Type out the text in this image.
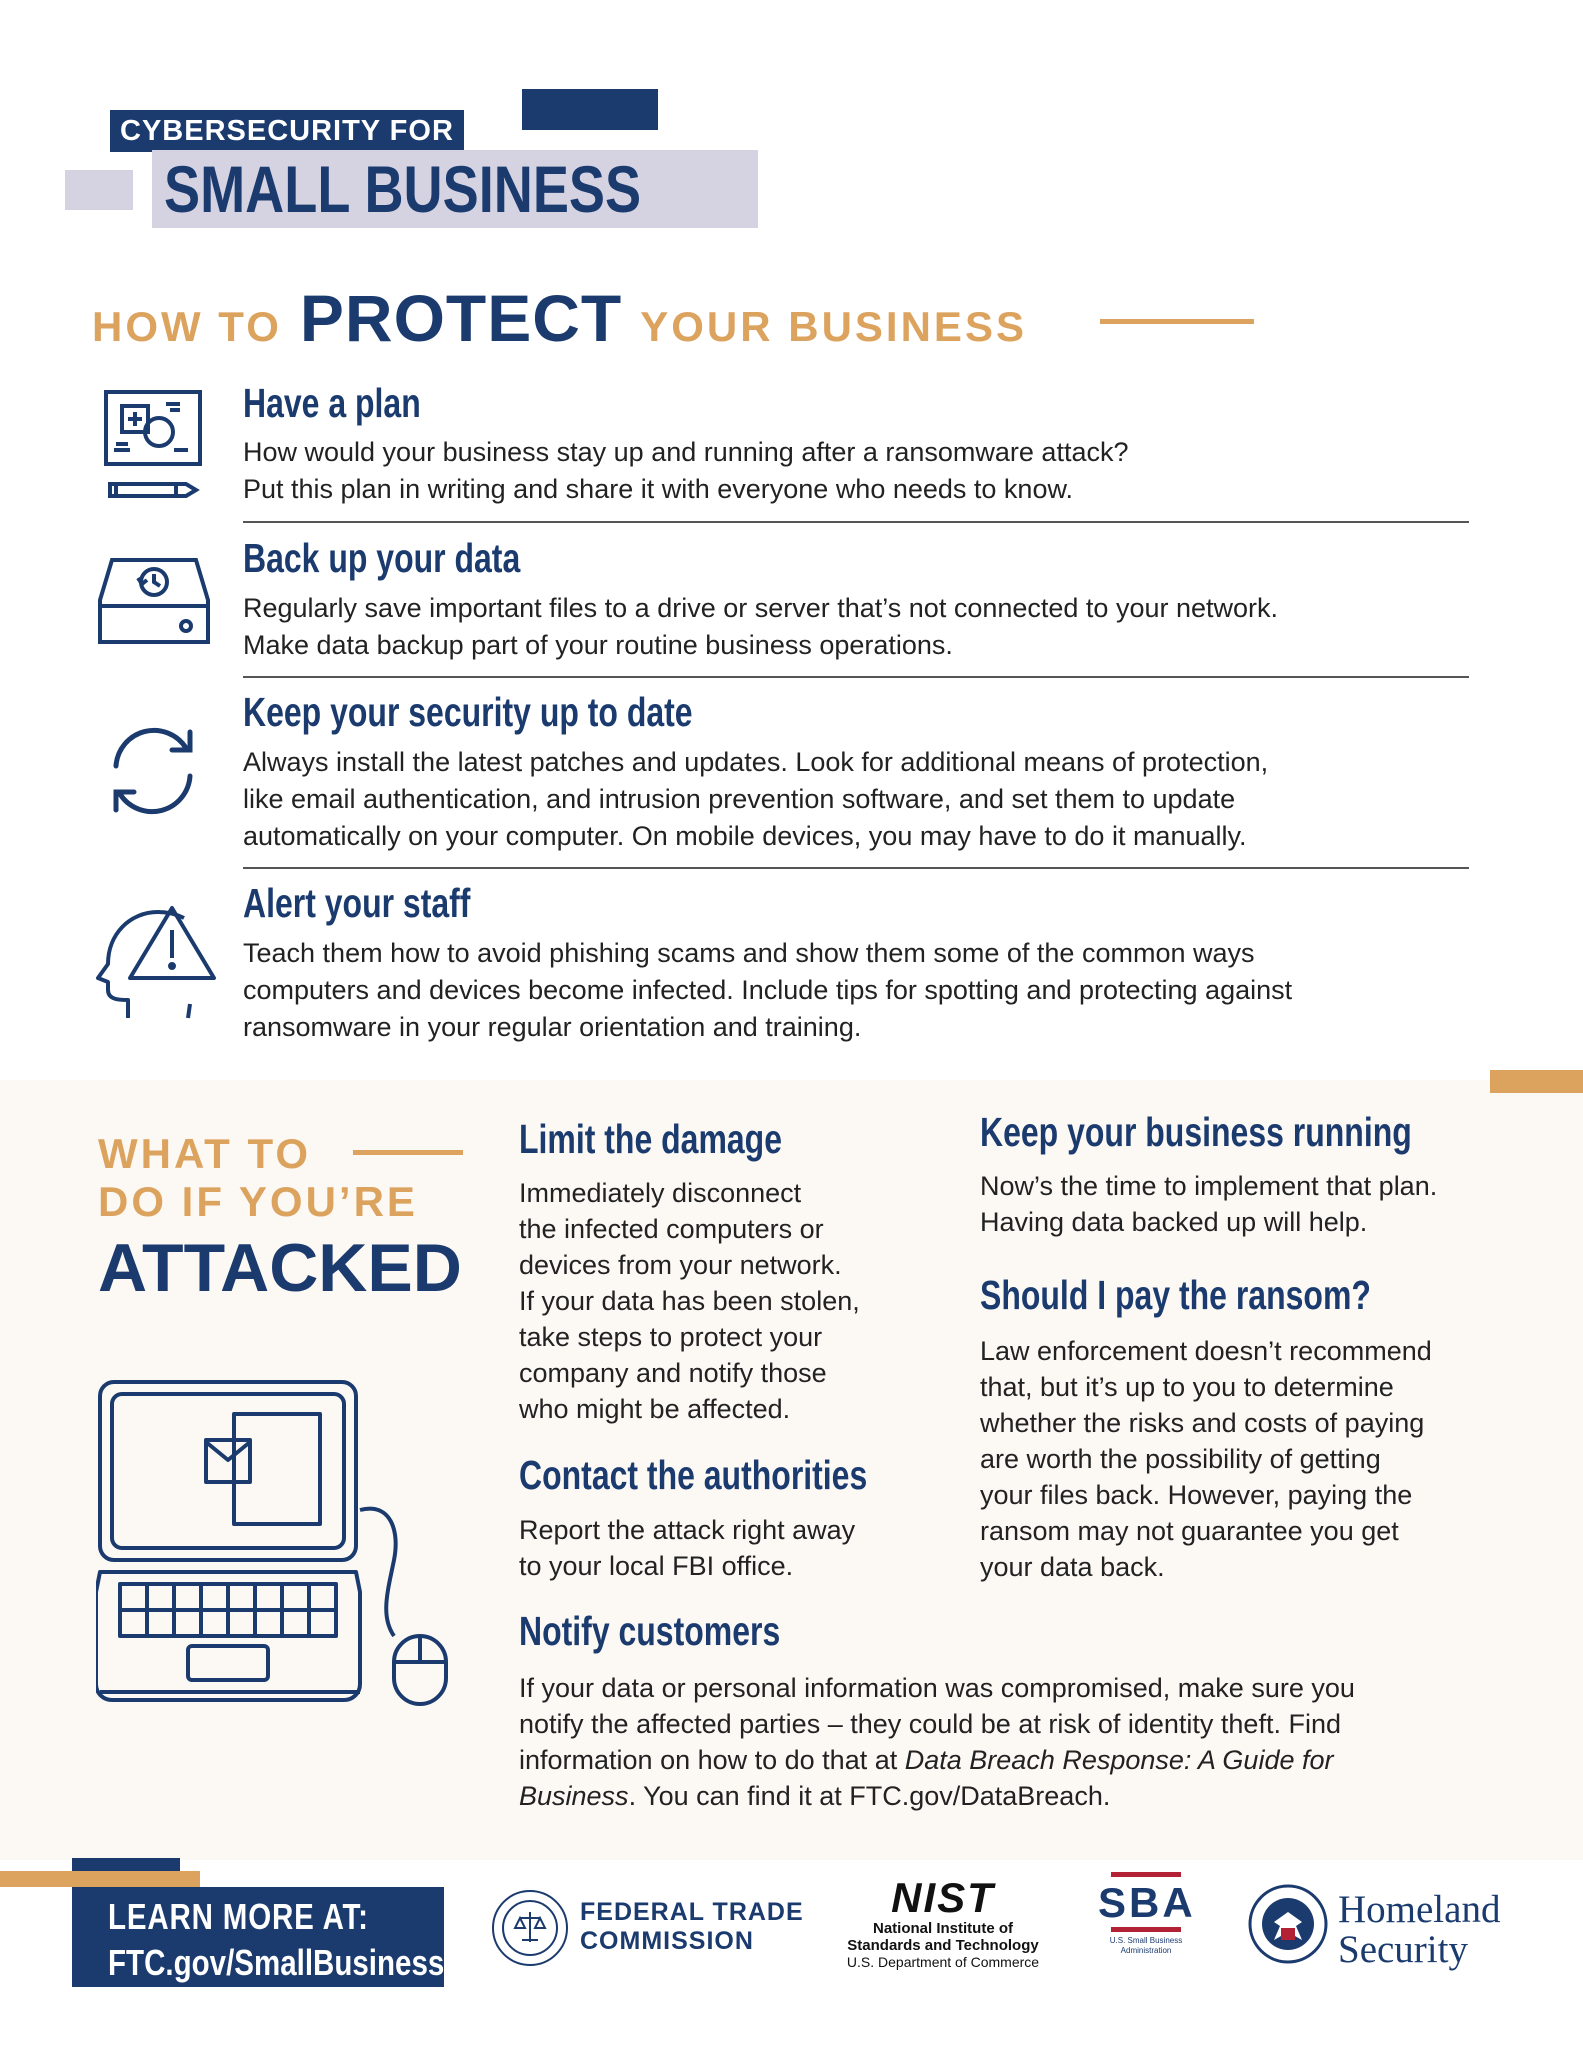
CYBERSECURITY FOR
SMALL BUSINESS
HOW TO PROTECT YOUR BUSINESS
Have a plan
How would your business stay up and running after a ransomware attack?
Put this plan in writing and share it with everyone who needs to know.
Back up your data
Regularly save important files to a drive or server that’s not connected to your network.
Make data backup part of your routine business operations.
Keep your security up to date
Always install the latest patches and updates. Look for additional means of protection,
like email authentication, and intrusion prevention software, and set them to update
automatically on your computer. On mobile devices, you may have to do it manually.
Alert your staff
Teach them how to avoid phishing scams and show them some of the common ways
computers and devices become infected. Include tips for spotting and protecting against
ransomware in your regular orientation and training.
WHAT TO
DO IF YOU’RE
ATTACKED
Limit the damage
Immediately disconnect
the infected computers or
devices from your network.
If your data has been stolen,
take steps to protect your
company and notify those
who might be affected.
Contact the authorities
Report the attack right away
to your local FBI office.
Keep your business running
Now’s the time to implement that plan.
Having data backed up will help.
Should I pay the ransom?
Law enforcement doesn’t recommend
that, but it’s up to you to determine
whether the risks and costs of paying
are worth the possibility of getting
your files back. However, paying the
ransom may not guarantee you get
your data back.
Notify customers
If your data or personal information was compromised, make sure you
notify the affected parties – they could be at risk of identity theft. Find
information on how to do that at Data Breach Response: A Guide for
Business. You can find it at FTC.gov/DataBreach.
LEARN MORE AT:
FTC.gov/SmallBusiness
FEDERAL TRADE
COMMISSION
NIST
National Institute of
Standards and Technology
U.S. Department of Commerce
SBA
U.S. Small Business
Administration
Homeland
Security
